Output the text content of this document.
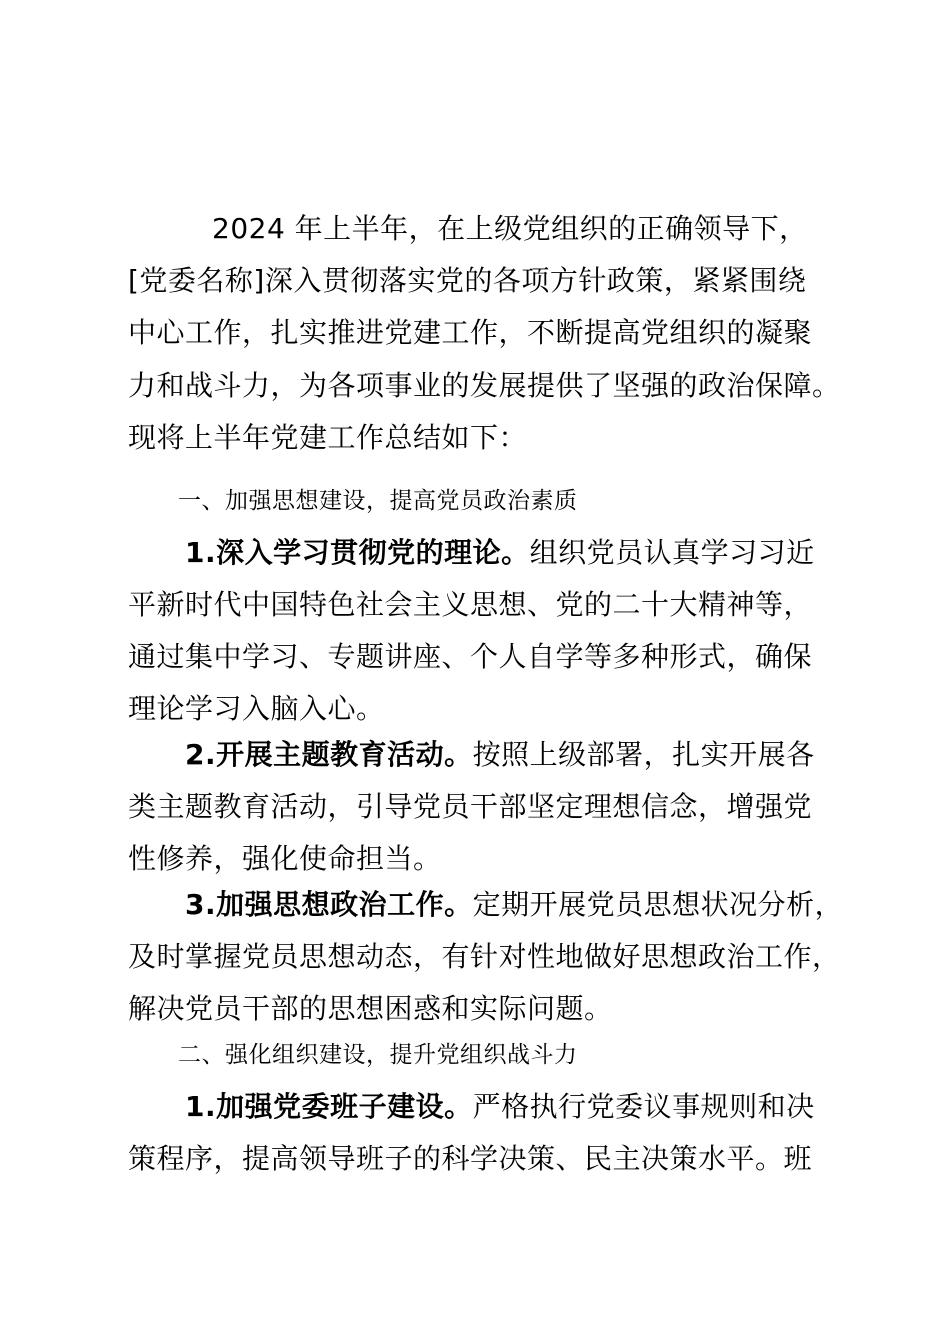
2024 年上半年，在上级党组织的正确领导下，
[党委名称]深入贯彻落实党的各项方针政策，紧紧围绕
中心工作，扎实推进党建工作，不断提高党组织的凝聚
力和战斗力，为各项事业的发展提供了坚强的政治保障。
现将上半年党建工作总结如下：
一、加强思想建设，提高党员政治素质
1.深入学习贯彻党的理论。组织党员认真学习习近
平新时代中国特色社会主义思想、党的二十大精神等，
通过集中学习、专题讲座、个人自学等多种形式，确保
理论学习入脑入心。
2.开展主题教育活动。按照上级部署，扎实开展各
类主题教育活动，引导党员干部坚定理想信念，增强党
性修养，强化使命担当。
3.加强思想政治工作。定期开展党员思想状况分析，
及时掌握党员思想动态，有针对性地做好思想政治工作，
解决党员干部的思想困惑和实际问题。
二、强化组织建设，提升党组织战斗力
1.加强党委班子建设。严格执行党委议事规则和决
策程序，提高领导班子的科学决策、民主决策水平。班
